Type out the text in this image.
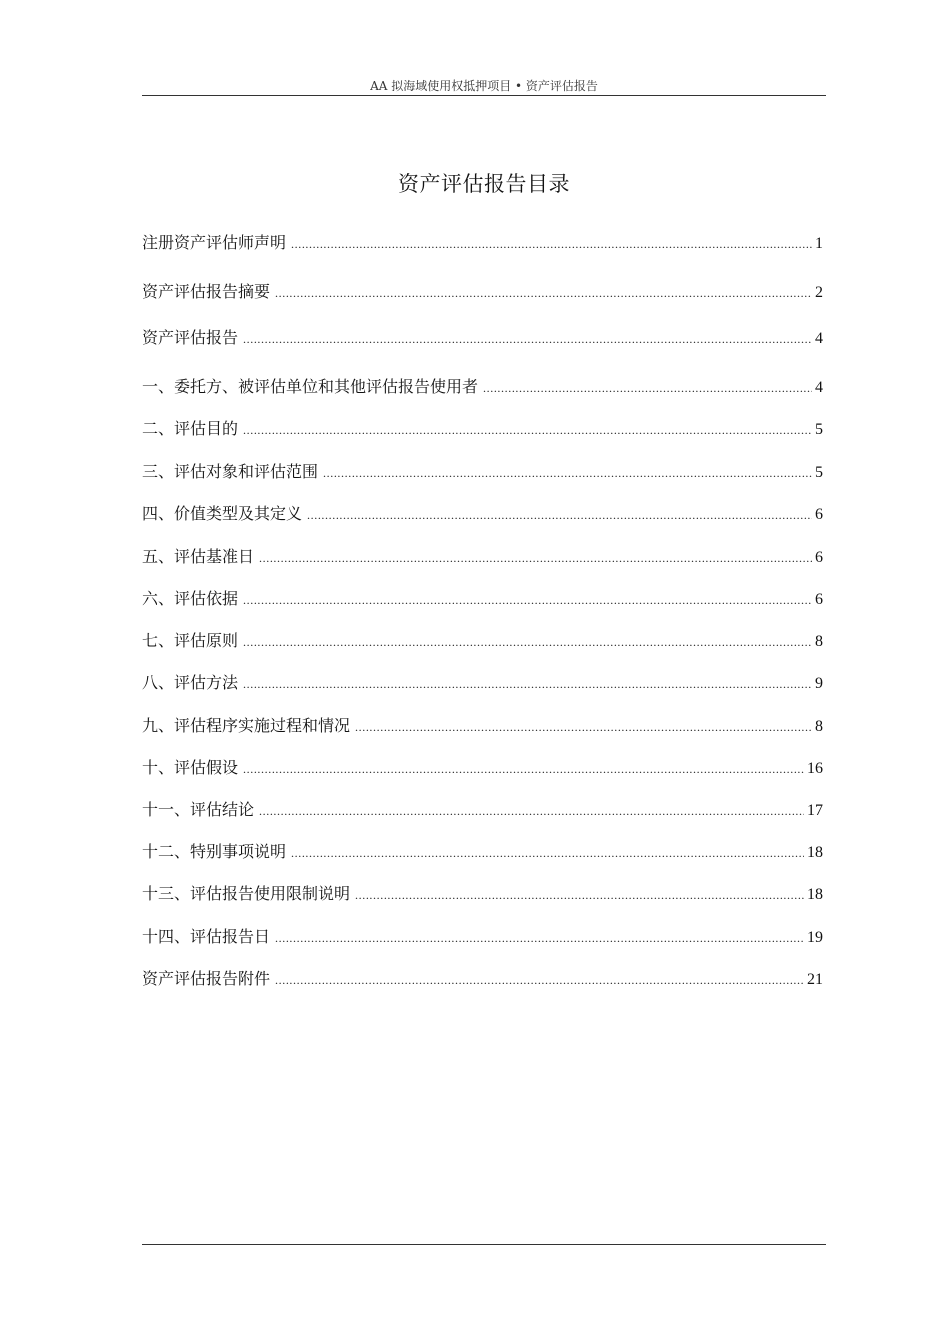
AA 拟海域使用权抵押项目 • 资产评估报告
资产评估报告目录
注册资产评估师声明 .....	1
资产评估报告摘要 .....	2
资产评估报告 .....	4
一、委托方、被评估单位和其他评估报告使用者 .....	4
二、评估目的 .....	5
三、评估对象和评估范围 .....	5
四、价值类型及其定义 .....	6
五、评估基准日 .....	6
六、评估依据 .....	6
七、评估原则 .....	8
八、评估方法 .....	9
九、评估程序实施过程和情况 .....	8
十、评估假设 .....	16
十一、评估结论 .....	17
十二、特别事项说明 .....	18
十三、评估报告使用限制说明 .....	18
十四、评估报告日 .....	19
资产评估报告附件 .....	21
